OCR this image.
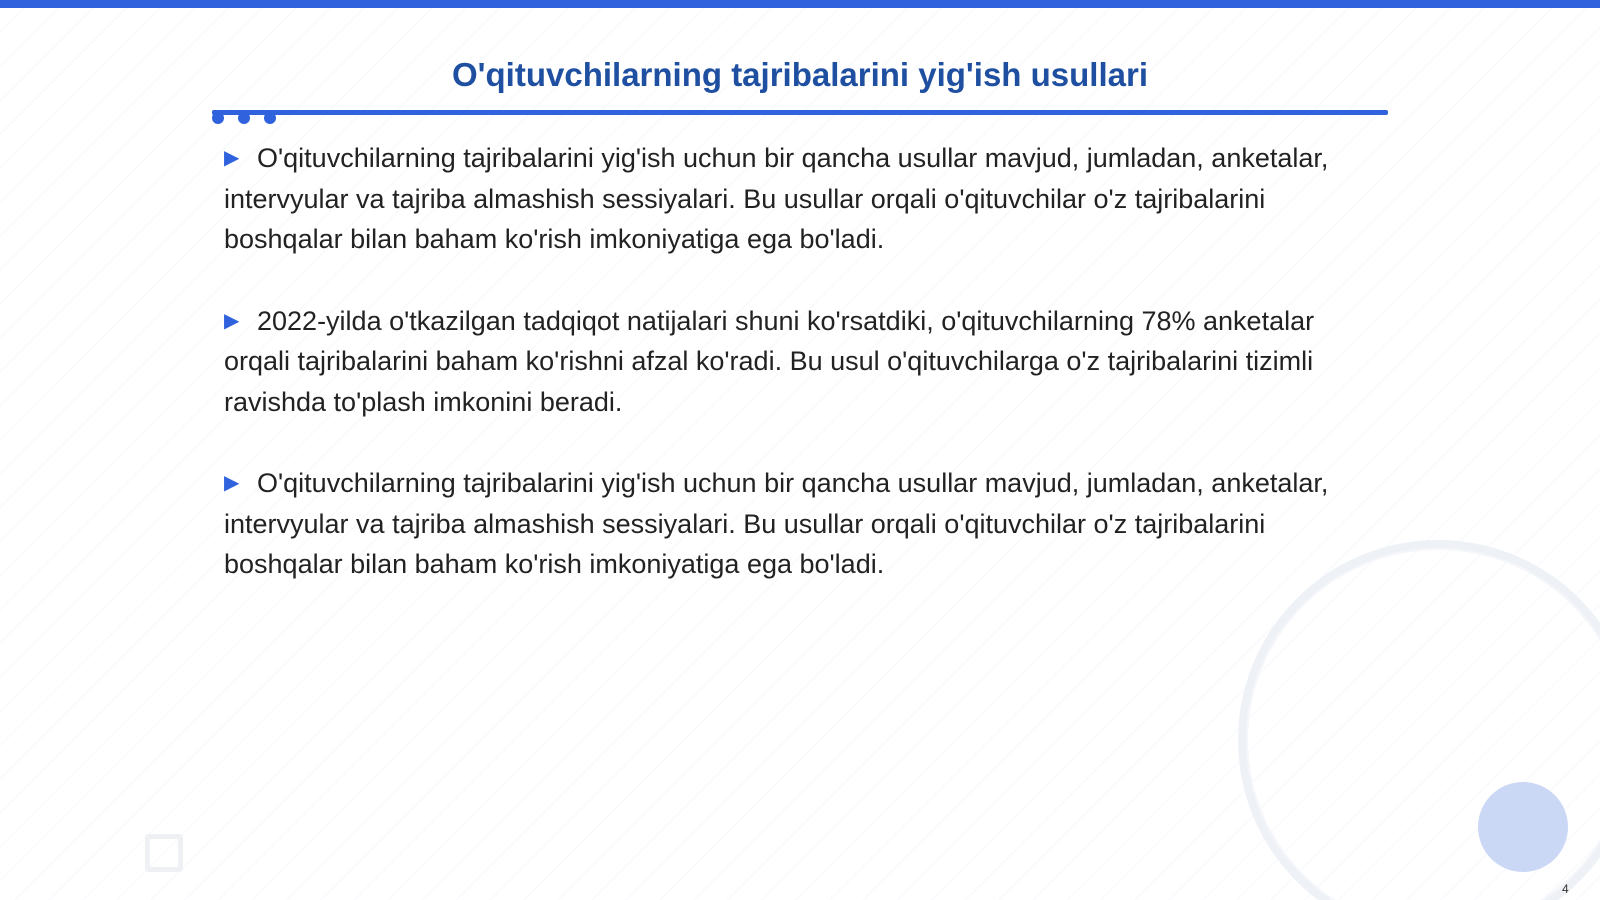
O'qituvchilarning tajribalarini yig'ish usullari

▶ O'qituvchilarning tajribalarini yig'ish uchun bir qancha usullar mavjud, jumladan, anketalar, intervyular va tajriba almashish sessiyalari. Bu usullar orqali o'qituvchilar o'z tajribalarini boshqalar bilan baham ko'rish imkoniyatiga ega bo'ladi.

▶ 2022-yilda o'tkazilgan tadqiqot natijalari shuni ko'rsatdiki, o'qituvchilarning 78% anketalar orqali tajribalarini baham ko'rishni afzal ko'radi. Bu usul o'qituvchilarga o'z tajribalarini tizimli ravishda to'plash imkonini beradi.

▶ O'qituvchilarning tajribalarini yig'ish uchun bir qancha usullar mavjud, jumladan, anketalar, intervyular va tajriba almashish sessiyalari. Bu usullar orqali o'qituvchilar o'z tajribalarini boshqalar bilan baham ko'rish imkoniyatiga ega bo'ladi.

4
